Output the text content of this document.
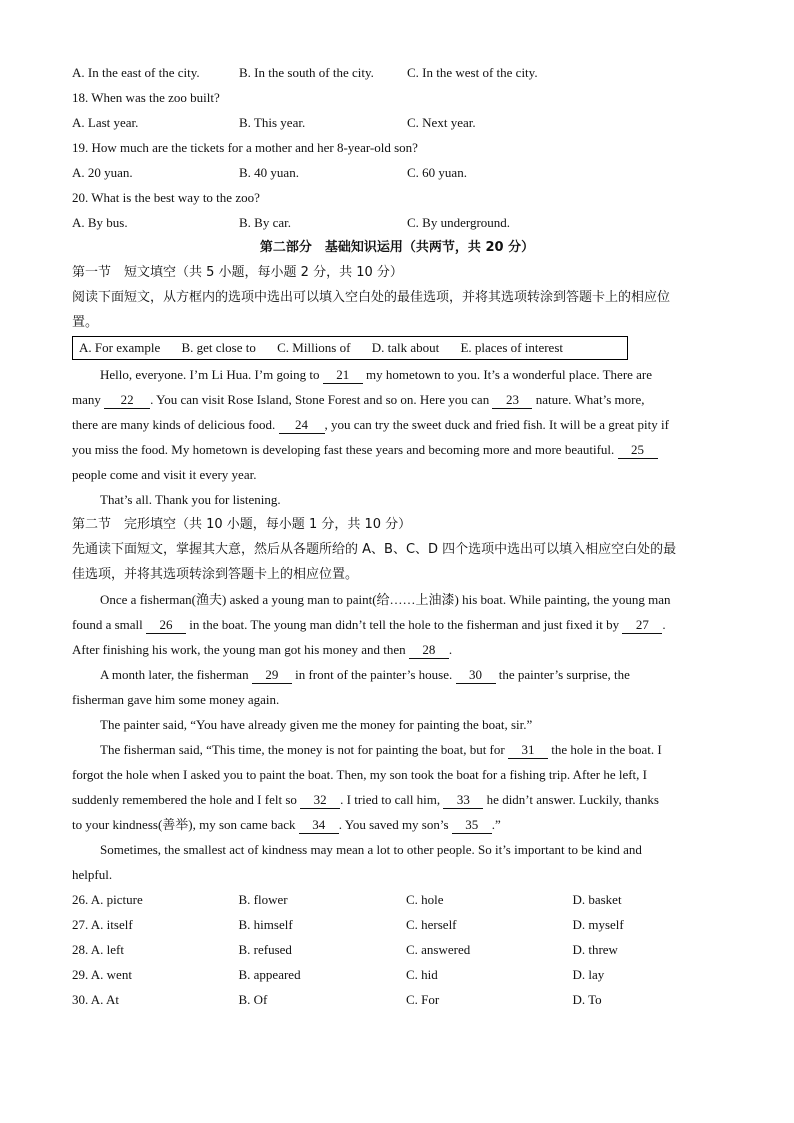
A. In the east of the city.	B. In the south of the city.	C. In the west of the city.
18. When was the zoo built?
A. Last year.	B. This year.	C. Next year.
19. How much are the tickets for a mother and her 8-year-old son?
A. 20 yuan.	B. 40 yuan.	C. 60 yuan.
20. What is the best way to the zoo?
A. By bus.	B. By car.	C. By underground.
第二部分　基础知识运用（共两节，共 20 分）
第一节　短文填空（共 5 小题，每小题 2 分，共 10 分）
阅读下面短文，从方框内的选项中选出可以填入空白处的最佳选项，并将其选项转涂到答题卡上的相应位
置。
A. For example B. get close to C. Millions of D. talk about E. places of interest
Hello, everyone. I’m Li Hua. I’m going to 21 my hometown to you. It’s a wonderful place. There are
many 22 . You can visit Rose Island, Stone Forest and so on. Here you can 23 nature. What’s more,
there are many kinds of delicious food. 24 , you can try the sweet duck and fried fish. It will be a great pity if
you miss the food. My hometown is developing fast these years and becoming more and more beautiful. 25
people come and visit it every year.
That’s all. Thank you for listening.
第二节　完形填空（共 10 小题，每小题 1 分，共 10 分）
先通读下面短文，掌握其大意，然后从各题所给的 A、B、C、D 四个选项中选出可以填入相应空白处的最
佳选项，并将其选项转涂到答题卡上的相应位置。
Once a fisherman(渔夫) asked a young man to paint(给……上油漆) his boat. While painting, the young man
found a small 26 in the boat. The young man didn’t tell the hole to the fisherman and just fixed it by 27 .
After finishing his work, the young man got his money and then 28 .
A month later, the fisherman 29 in front of the painter’s house. 30 the painter’s surprise, the
fisherman gave him some money again.
The painter said, “You have already given me the money for painting the boat, sir.”
The fisherman said, “This time, the money is not for painting the boat, but for 31 the hole in the boat. I
forgot the hole when I asked you to paint the boat. Then, my son took the boat for a fishing trip. After he left, I
suddenly remembered the hole and I felt so 32 . I tried to call him, 33 he didn’t answer. Luckily, thanks
to your kindness(善举), my son came back 34 . You saved my son’s 35 .”
Sometimes, the smallest act of kindness may mean a lot to other people. So it’s important to be kind and
helpful.
26. A. picture	B. flower	C. hole	D. basket
27. A. itself	B. himself	C. herself	D. myself
28. A. left	B. refused	C. answered	D. threw
29. A. went	B. appeared	C. hid	D. lay
30. A. At	B. Of	C. For	D. To
